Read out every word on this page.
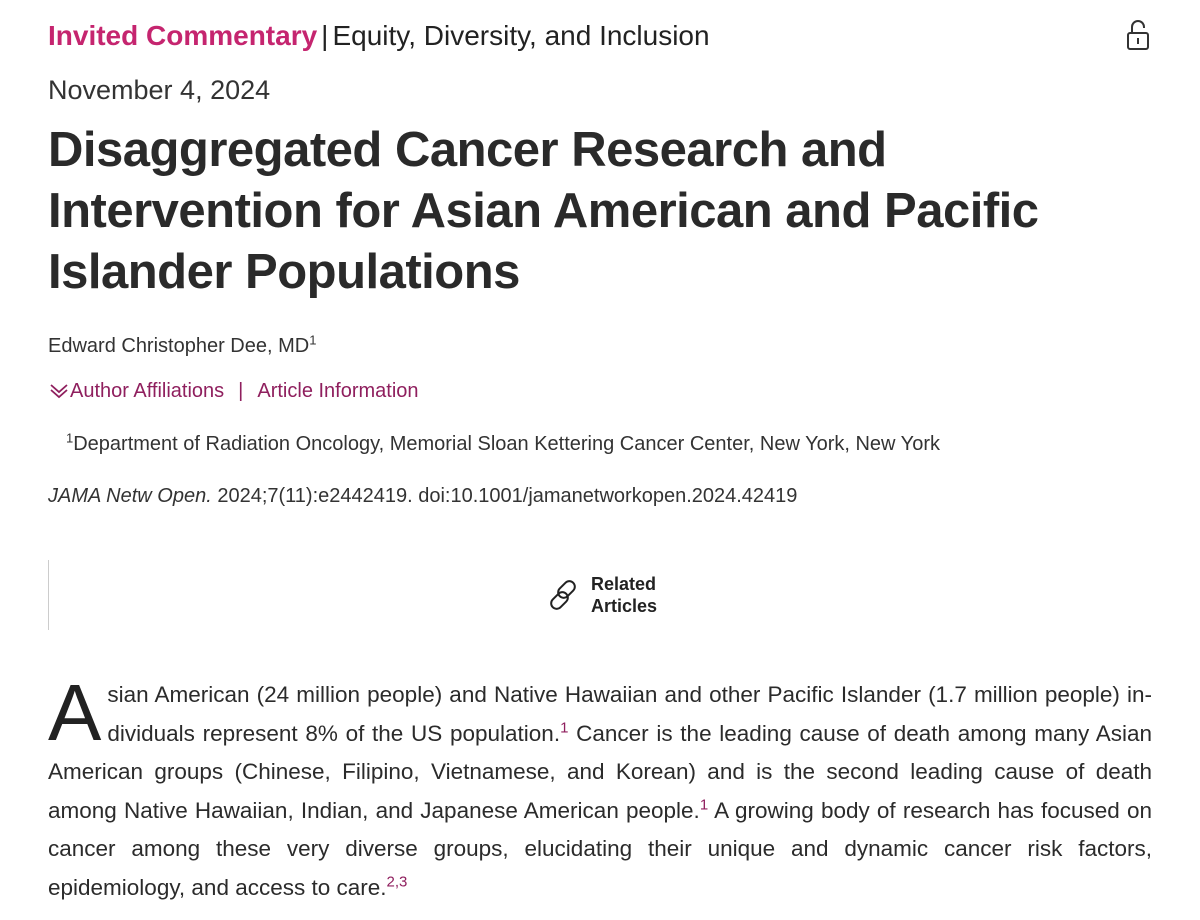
Invited Commentary | Equity, Diversity, and Inclusion
November 4, 2024
Disaggregated Cancer Research and Intervention for Asian American and Pacific Islander Populations
Edward Christopher Dee, $MD^1$
Author Affiliations | Article Information
$^1$Department of Radiation Oncology, Memorial Sloan Kettering Cancer Center, New York, New York
JAMA Netw Open. 2024;7(11):e2442419. doi:10.1001/jamanetworkopen.2024.42419
Related Articles

Asian American (24 million people) and Native Hawaiian and other Pacific Islander (1.7 million people) individuals represent 8% of the US population.$^1$ Cancer is the leading cause of death among many Asian American groups (Chinese, Filipino, Vietnamese, and Korean) and is the second leading cause of death among Native Hawaiian, Indian, and Japanese American people.$^1$ A growing body of research has focused on cancer among these very diverse groups, elucidating their unique and dynamic cancer risk factors, epidemiology, and access to care.$^{2,3}$
